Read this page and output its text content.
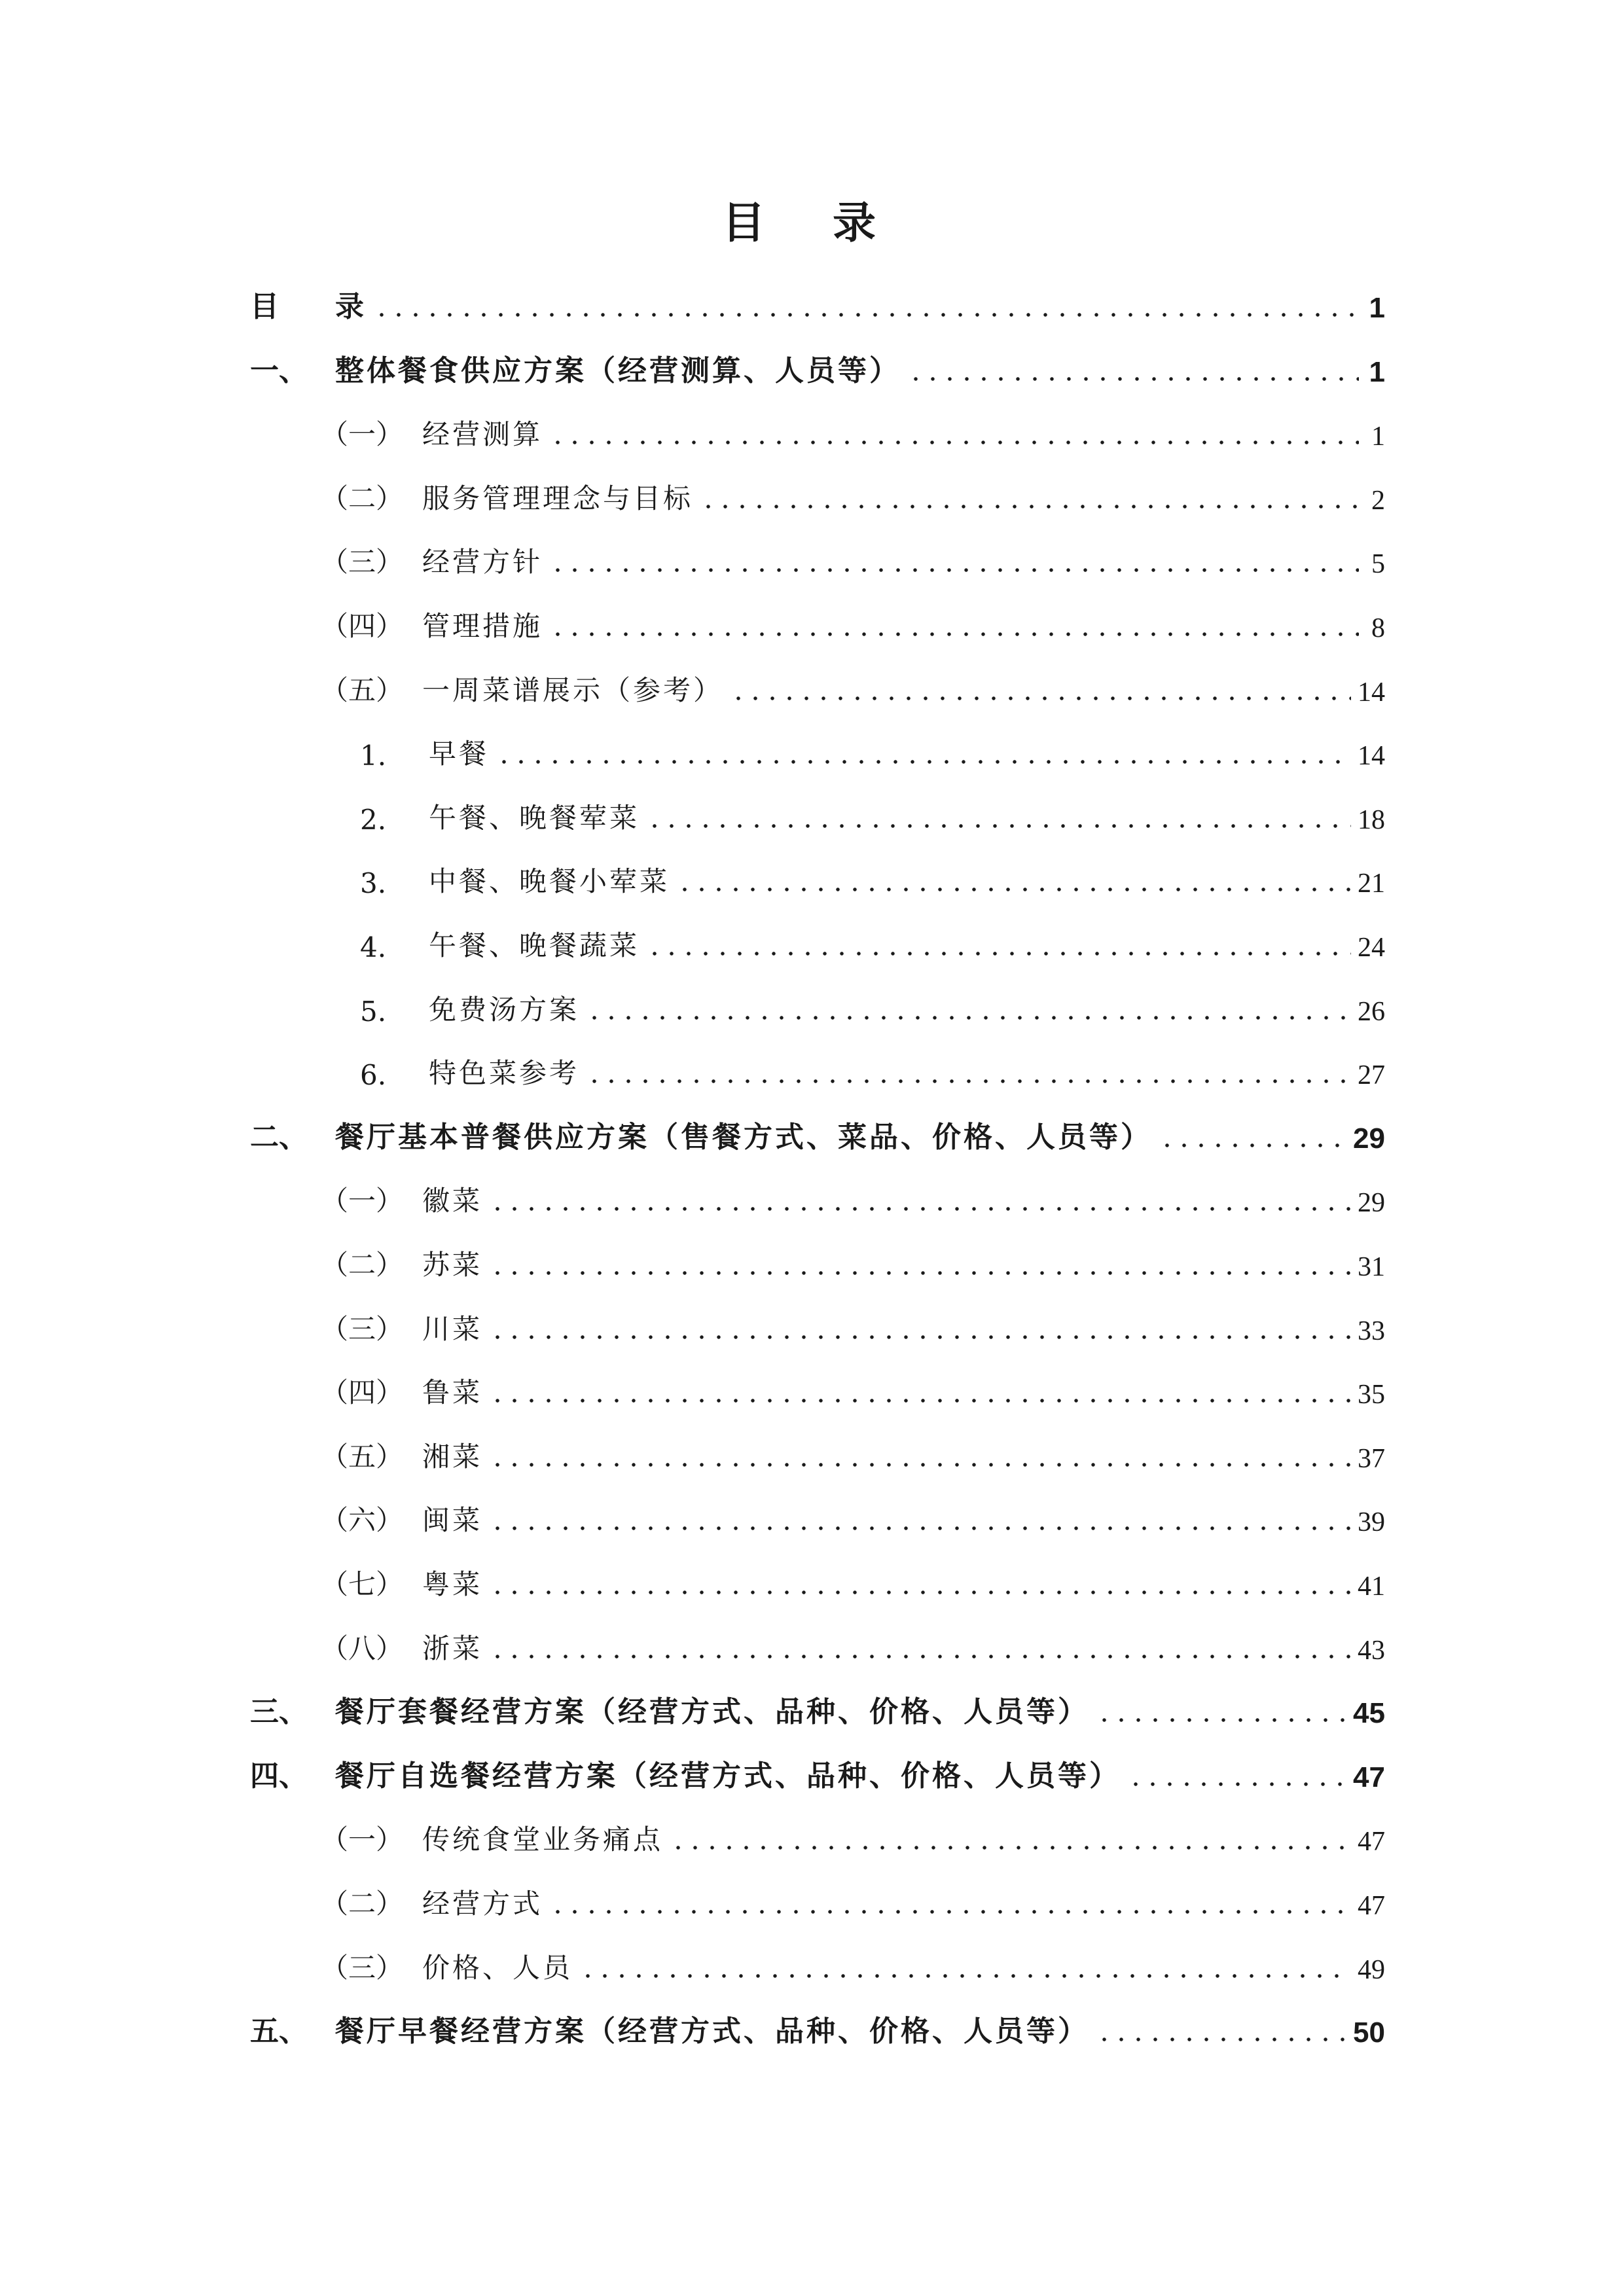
目 录
目	录	1
一、 整体餐食供应方案（经营测算、人员等）	1
（一） 经营测算	1
（二） 服务管理理念与目标	2
（三） 经营方针	5
（四） 管理措施	8
（五） 一周菜谱展示（参考）	14
1.	早餐	14
2.	午餐、晚餐荤菜	18
3.	中餐、晚餐小荤菜	21
4.	午餐、晚餐蔬菜	24
5.	免费汤方案	26
6.	特色菜参考	27
二、 餐厅基本普餐供应方案（售餐方式、菜品、价格、人员等）	29
（一） 徽菜	29
（二） 苏菜	31
（三） 川菜	33
（四） 鲁菜	35
（五） 湘菜	37
（六） 闽菜	39
（七） 粤菜	41
（八） 浙菜	43
三、 餐厅套餐经营方案（经营方式、品种、价格、人员等）	45
四、 餐厅自选餐经营方案（经营方式、品种、价格、人员等）	47
（一） 传统食堂业务痛点	47
（二） 经营方式	47
（三） 价格、人员	49
五、 餐厅早餐经营方案（经营方式、品种、价格、人员等）	50
